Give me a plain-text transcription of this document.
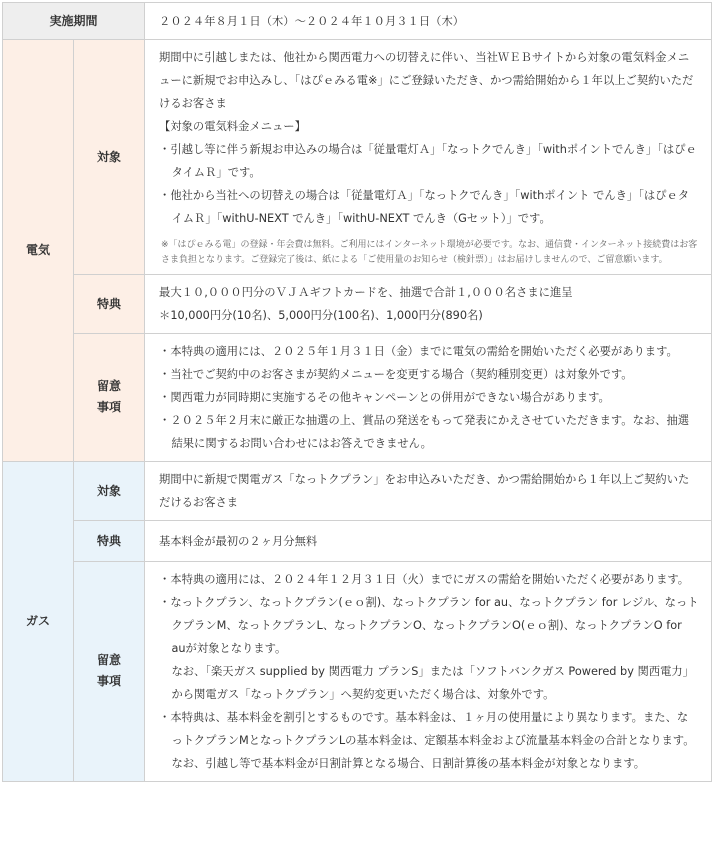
実施期間		２０２４年８月１日（木）～２０２４年１０月３１日（木）
電気	対象	期間中に引越しまたは、他社から関西電力への切替えに伴い、当社ＷＥＢサイトから対象の電気料金メニューに新規でお申込みし、「はぴｅみる電※」にご登録いただき、かつ需給開始から１年以上ご契約いただけるお客さま
【対象の電気料金メニュー】
・引越し等に伴う新規お申込みの場合は「従量電灯Ａ」「なっトクでんき」「withポイントでんき」「はぴｅタイムＲ」です。
・他社から当社への切替えの場合は「従量電灯Ａ」「なっトクでんき」「withポイント でんき」「はぴｅタイムＲ」「withU-NEXT でんき」「withU-NEXT でんき（Gセット）」です。
※「はぴｅみる電」の登録・年会費は無料。ご利用にはインターネット環境が必要です。なお、通信費・インターネット接続費はお客さま負担となります。ご登録完了後は、紙による「ご使用量のお知らせ（検針票）」はお届けしませんので、ご留意願います。

	特典	最大１０,０００円分のＶＪＡギフトカードを、抽選で合計１,０００名さまに進呈
＊10,000円分(10名)、5,000円分(100名)、1,000円分(890名)

	留意事項	・本特典の適用には、２０２５年１月３１日（金）までに電気の需給を開始いただく必要があります。
・当社でご契約中のお客さまが契約メニューを変更する場合（契約種別変更）は対象外です。
・関西電力が同時期に実施するその他キャンペーンとの併用ができない場合があります。
・２０２５年２月末に厳正な抽選の上、賞品の発送をもって発表にかえさせていただきます。なお、抽選結果に関するお問い合わせにはお答えできません。

ガス	対象	期間中に新規で関電ガス「なっトクプラン」をお申込みいただき、かつ需給開始から１年以上ご契約いただけるお客さま
	特典	基本料金が最初の２ヶ月分無料
	留意事項	・本特典の適用には、２０２４年１２月３１日（火）までにガスの需給を開始いただく必要があります。
・なっトクプラン、なっトクプラン(ｅｏ割)、なっトクプラン for au、なっトクプラン for レジル、なっトクプランM、なっトクプランL、なっトクプランO、なっトクプランO(ｅｏ割)、なっトクプランO for auが対象となります。
なお、「楽天ガス supplied by 関西電力 プランS」または「ソフトバンクガス Powered by 関西電力」から関電ガス「なっトクプラン」へ契約変更いただく場合は、対象外です。
・本特典は、基本料金を割引とするものです。基本料金は、１ヶ月の使用量により異なります。また、なっトクプランMとなっトクプランLの基本料金は、定額基本料金および流量基本料金の合計となります。なお、引越し等で基本料金が日割計算となる場合、日割計算後の基本料金が対象となります。
